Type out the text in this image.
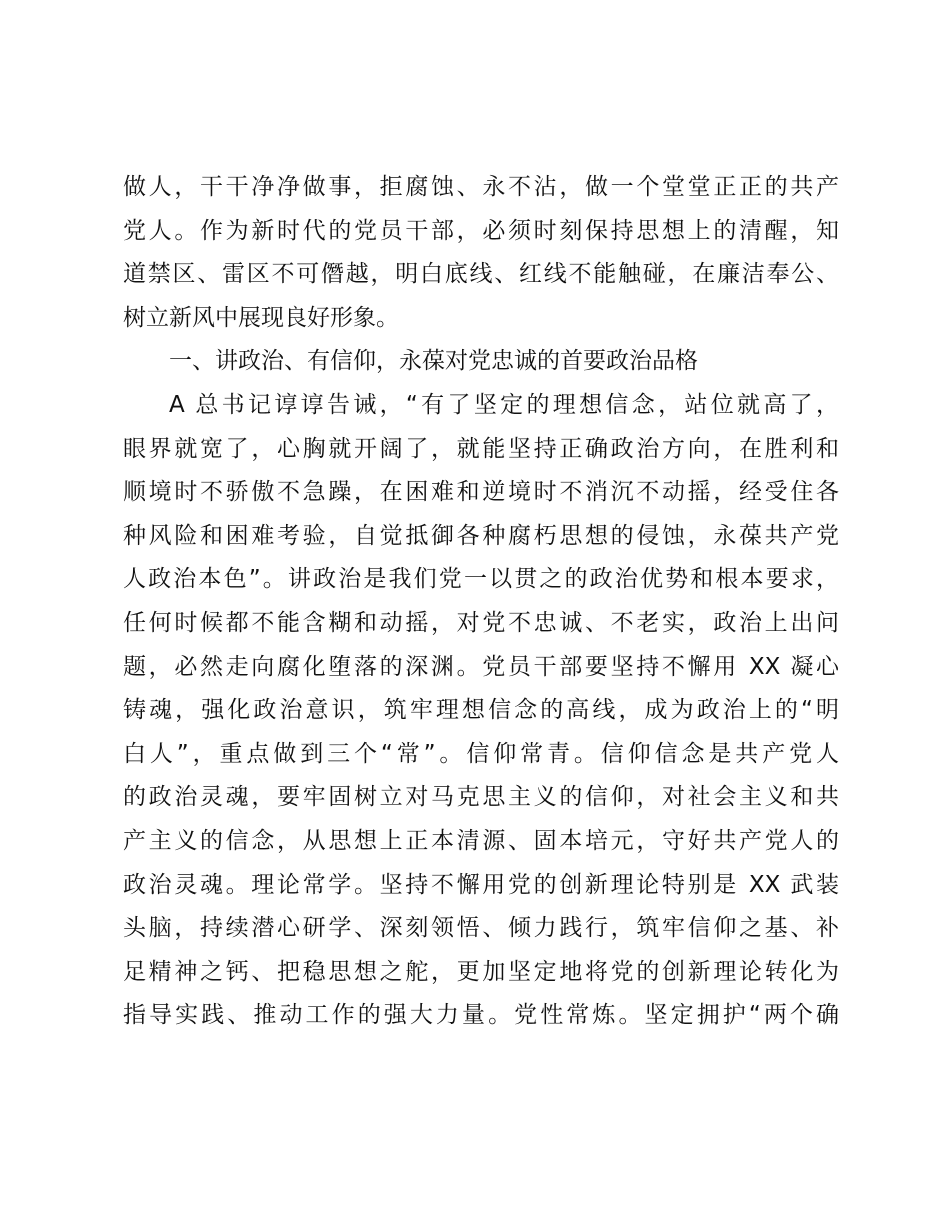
做人，干干净净做事，拒腐蚀、永不沾，做一个堂堂正正的共产
党人。作为新时代的党员干部，必须时刻保持思想上的清醒，知
道禁区、雷区不可僭越，明白底线、红线不能触碰，在廉洁奉公、
树立新风中展现良好形象。
一、讲政治、有信仰，永葆对党忠诚的首要政治品格
A 总书记谆谆告诫，“有了坚定的理想信念，站位就高了，
眼界就宽了，心胸就开阔了，就能坚持正确政治方向，在胜利和
顺境时不骄傲不急躁，在困难和逆境时不消沉不动摇，经受住各
种风险和困难考验，自觉抵御各种腐朽思想的侵蚀，永葆共产党
人政治本色”。讲政治是我们党一以贯之的政治优势和根本要求，
任何时候都不能含糊和动摇，对党不忠诚、不老实，政治上出问
题，必然走向腐化堕落的深渊。党员干部要坚持不懈用 XX 凝心
铸魂，强化政治意识，筑牢理想信念的高线，成为政治上的“明
白人”，重点做到三个“常”。信仰常青。信仰信念是共产党人
的政治灵魂，要牢固树立对马克思主义的信仰，对社会主义和共
产主义的信念，从思想上正本清源、固本培元，守好共产党人的
政治灵魂。理论常学。坚持不懈用党的创新理论特别是 XX 武装
头脑，持续潜心研学、深刻领悟、倾力践行，筑牢信仰之基、补
足精神之钙、把稳思想之舵，更加坚定地将党的创新理论转化为
指导实践、推动工作的强大力量。党性常炼。坚定拥护“两个确
